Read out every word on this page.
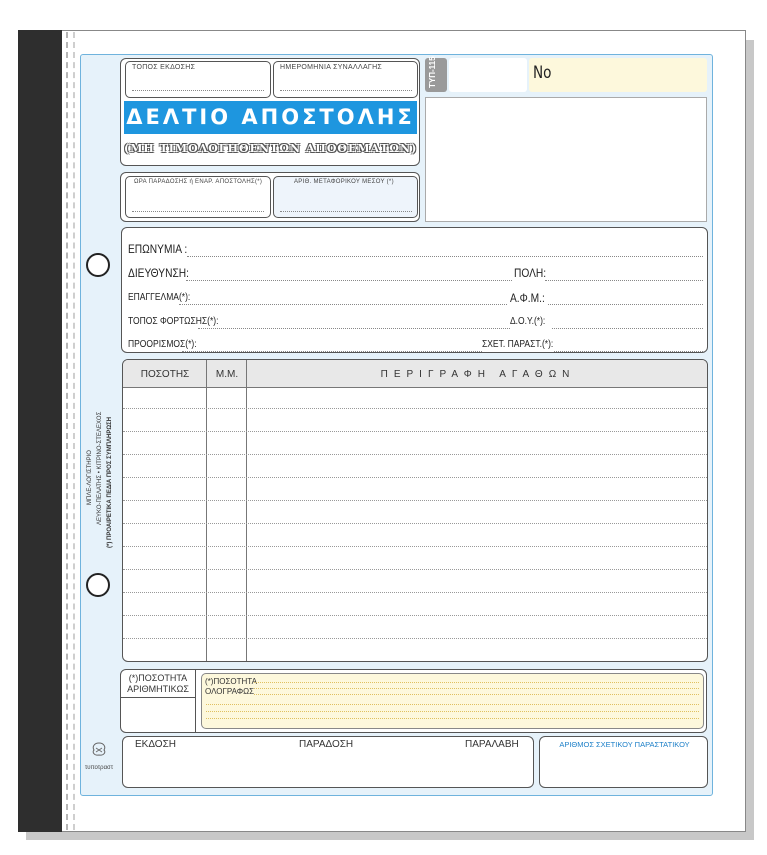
ΜΠΛΕ-ΛΟΓΙΣΤΗΡΙΟ ΛΕΥΚΟ-ΠΕΛΑΤΗΣ • ΚΙΤΡΙΝΟ-ΣΤΕΛΕΧΟΣ (*) ΠΡΟΑΙΡΕΤΙΚΑ ΠΕΔΙΑ ΠΡΟΣ ΣΥΜΠΛΗΡΩΣΗ
ΤΟΠΟΣ ΕΚΔΟΣΗΣ	ΗΜΕΡΟΜΗΝΙΑ ΣΥΝΑΛΛΑΓΗΣ
ΔΕΛΤΙΟ ΑΠΟΣΤΟΛΗΣ
(ΜΗ ΤΙΜΟΛΟΓΗΘΕΝΤΩΝ ΑΠΟΘΕΜΑΤΩΝ)
ΩΡΑ ΠΑΡΑΔΟΣΗΣ ή ΕΝΑΡ. ΑΠΟΣΤΟΛΗΣ(*)	ΑΡΙΘ. ΜΕΤΑΦΟΡΙΚΟΥ ΜΕΣΟΥ (*)
ΤΥΠ-115	No
ΕΠΩΝΥΜΙΑ :
ΔΙΕΥΘΥΝΣΗ:	ΠΟΛΗ:
ΕΠΑΓΓΕΛΜΑ(*):	Α.Φ.Μ.:
ΤΟΠΟΣ ΦΟΡΤΩΣΗΣ(*):	Δ.Ο.Υ.(*):
ΠΡΟΟΡΙΣΜΟΣ(*):	ΣΧΕΤ. ΠΑΡΑΣΤ.(*):
ΠΟΣΟΤΗΣ	Μ.Μ.	ΠΕΡΙΓΡΑΦΗ ΑΓΑΘΩΝ
(*)ΠΟΣΟΤΗΤΑ
ΑΡΙΘΜΗΤΙΚΩΣ
(*)ΠΟΣΟΤΗΤΑ
ΟΛΟΓΡΑΦΩΣ
τυποτραστ
ΕΚΔΟΣΗ	ΠΑΡΑΔΟΣΗ	ΠΑΡΑΛΑΒΗ	ΑΡΙΘΜΟΣ ΣΧΕΤΙΚΟΥ ΠΑΡΑΣΤΑΤΙΚΟΥ
